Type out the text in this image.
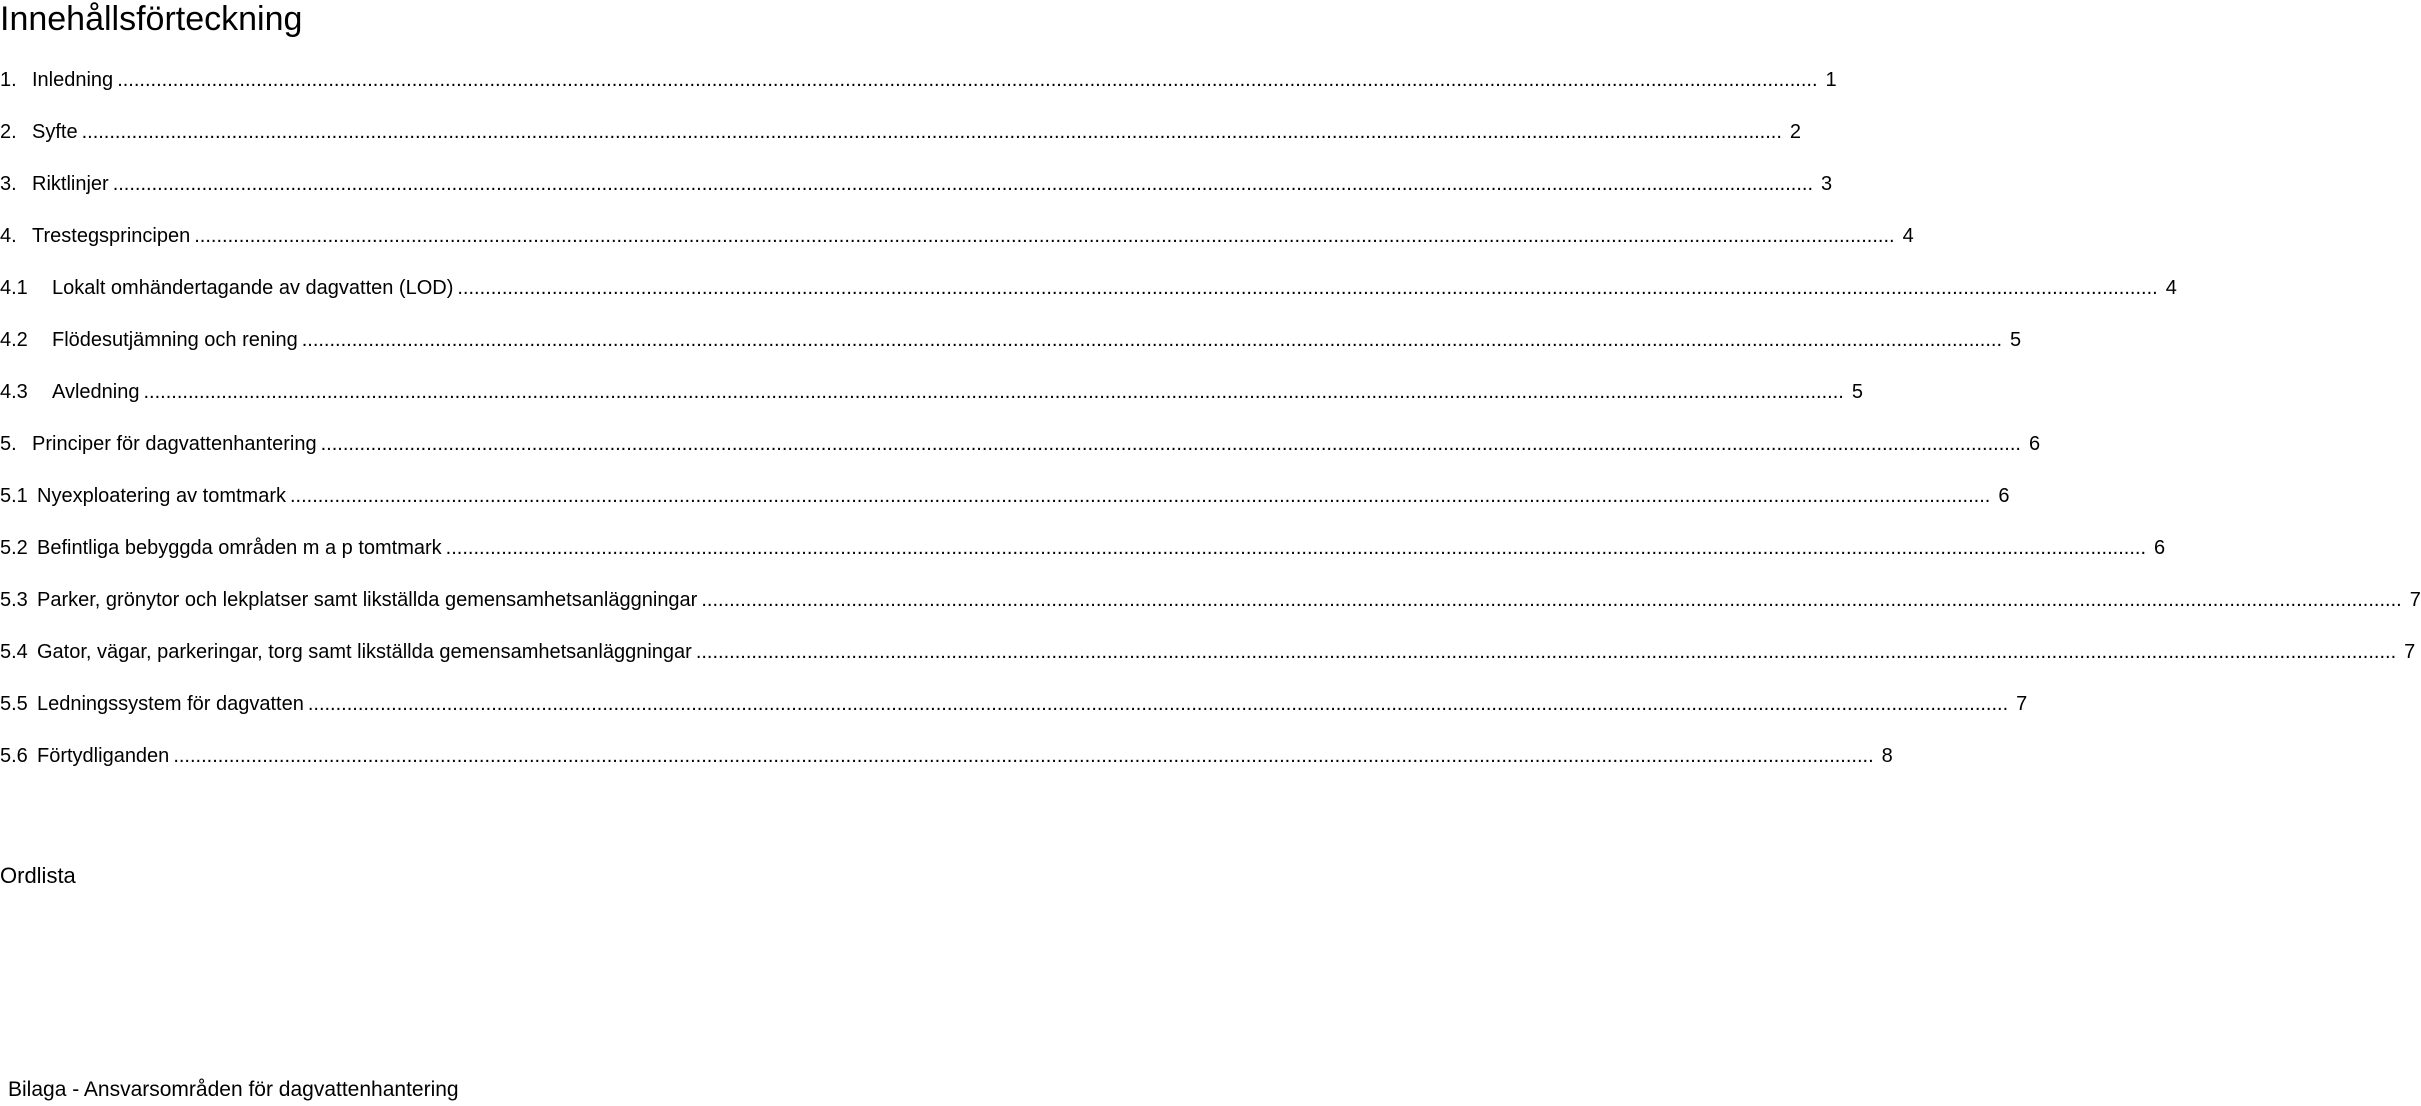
Innehållsförteckning
1. Inledning .....	1
2. Syfte .....	2
3. Riktlinjer .....	3
4. Trestegsprincipen .....	4
4.1	Lokalt omhändertagande av dagvatten (LOD) .....	4
4.2	Flödesutjämning och rening .....	5
4.3	Avledning .....	5
5. Principer för dagvattenhantering .....	6
5.1 Nyexploatering av tomtmark .....	6
5.2 Befintliga bebyggda områden m a p tomtmark .....	6
5.3 Parker, grönytor och lekplatser samt likställda gemensamhetsanläggningar .....	7
5.4 Gator, vägar, parkeringar, torg samt likställda gemensamhetsanläggningar .....	7
5.5 Ledningssystem för dagvatten .....	7
5.6 Förtydliganden .....	8
Ordlista
Bilaga - Ansvarsområden för dagvattenhantering
